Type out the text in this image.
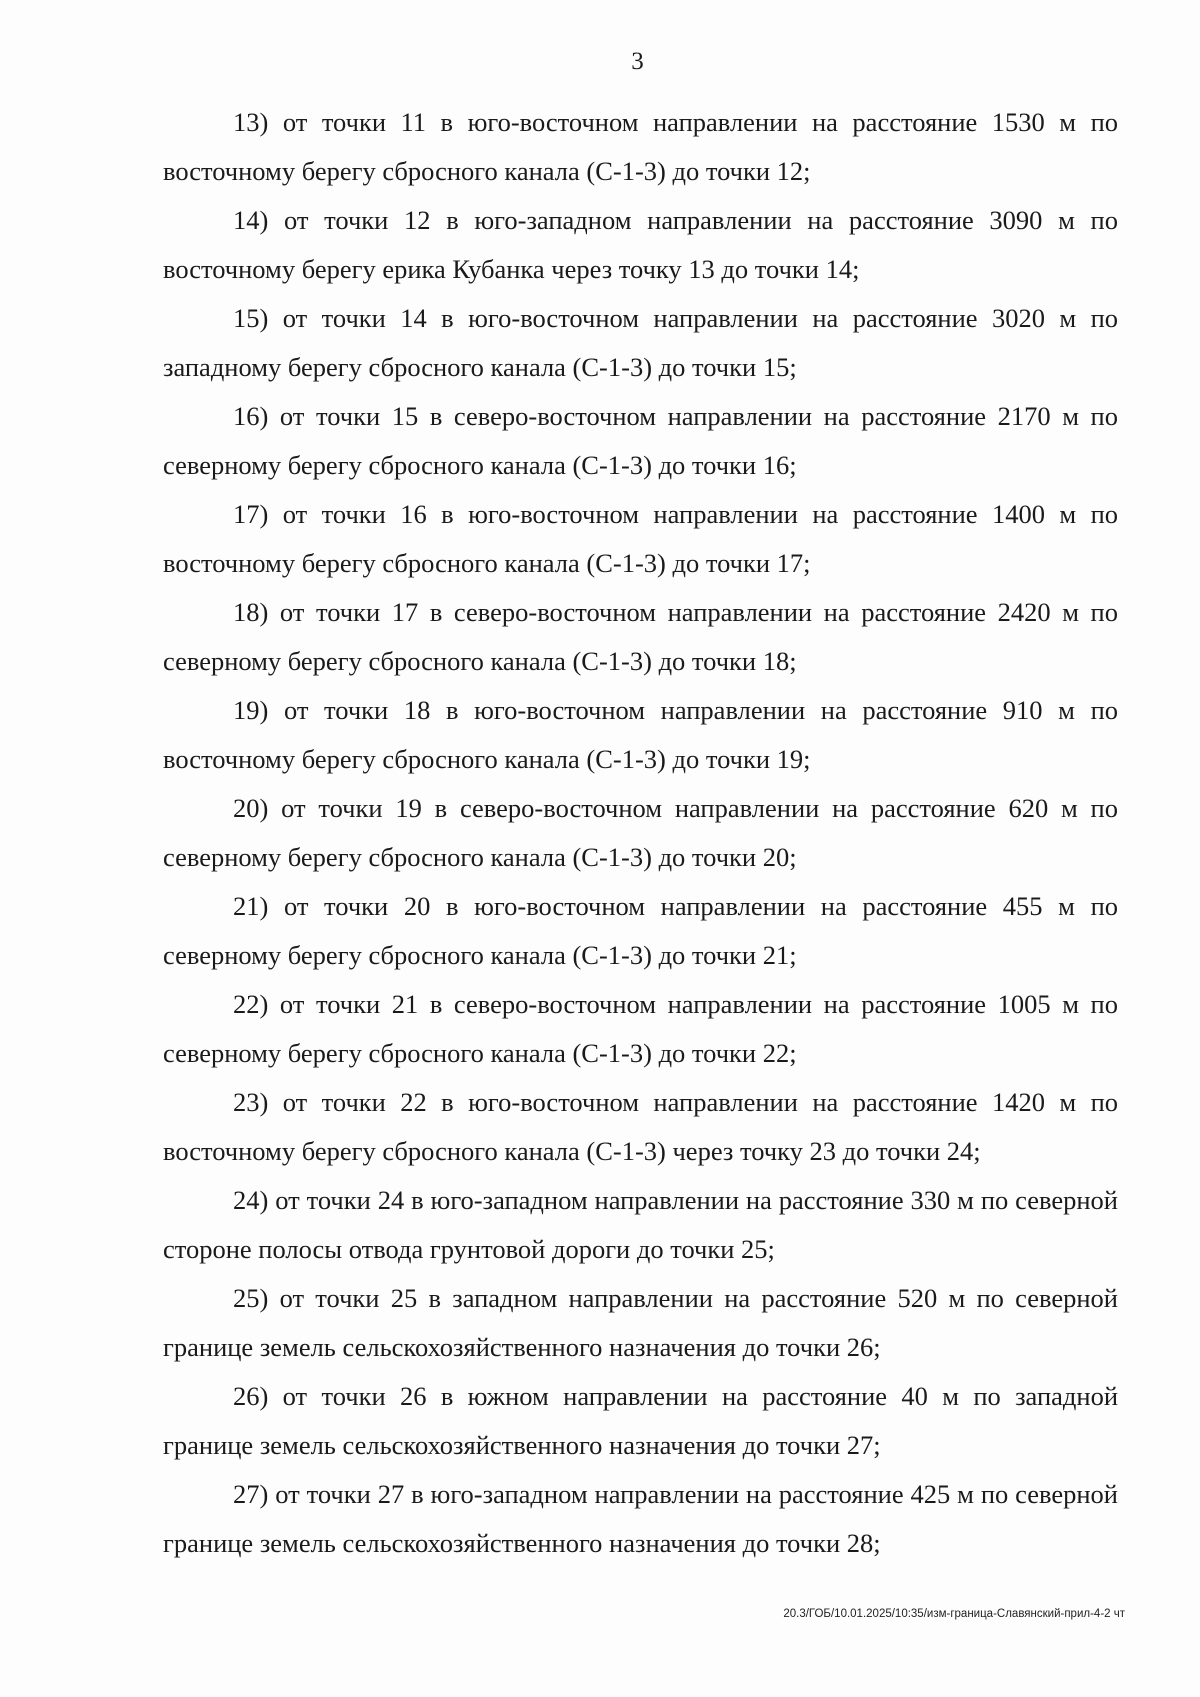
3

13) от точки 11 в юго-восточном направлении на расстояние 1530 м по восточному берегу сбросного канала (С-1-3) до точки 12;

14) от точки 12 в юго-западном направлении на расстояние 3090 м по восточному берегу ерика Кубанка через точку 13 до точки 14;

15) от точки 14 в юго-восточном направлении на расстояние 3020 м по западному берегу сбросного канала (С-1-3) до точки 15;

16) от точки 15 в северо-восточном направлении на расстояние 2170 м по северному берегу сбросного канала (С-1-3) до точки 16;

17) от точки 16 в юго-восточном направлении на расстояние 1400 м по восточному берегу сбросного канала (С-1-3) до точки 17;

18) от точки 17 в северо-восточном направлении на расстояние 2420 м по северному берегу сбросного канала (С-1-3) до точки 18;

19) от точки 18 в юго-восточном направлении на расстояние 910 м по восточному берегу сбросного канала (С-1-3) до точки 19;

20) от точки 19 в северо-восточном направлении на расстояние 620 м по северному берегу сбросного канала (С-1-3) до точки 20;

21) от точки 20 в юго-восточном направлении на расстояние 455 м по северному берегу сбросного канала (С-1-3) до точки 21;

22) от точки 21 в северо-восточном направлении на расстояние 1005 м по северному берегу сбросного канала (С-1-3) до точки 22;

23) от точки 22 в юго-восточном направлении на расстояние 1420 м по восточному берегу сбросного канала (С-1-3) через точку 23 до точки 24;

24) от точки 24 в юго-западном направлении на расстояние 330 м по северной стороне полосы отвода грунтовой дороги до точки 25;

25) от точки 25 в западном направлении на расстояние 520 м по северной границе земель сельскохозяйственного назначения до точки 26;

26) от точки 26 в южном направлении на расстояние 40 м по западной границе земель сельскохозяйственного назначения до точки 27;

27) от точки 27 в юго-западном направлении на расстояние 425 м по северной границе земель сельскохозяйственного назначения до точки 28;

20.3/ГОБ/10.01.2025/10:35/изм-граница-Славянский-прил-4-2 чт
